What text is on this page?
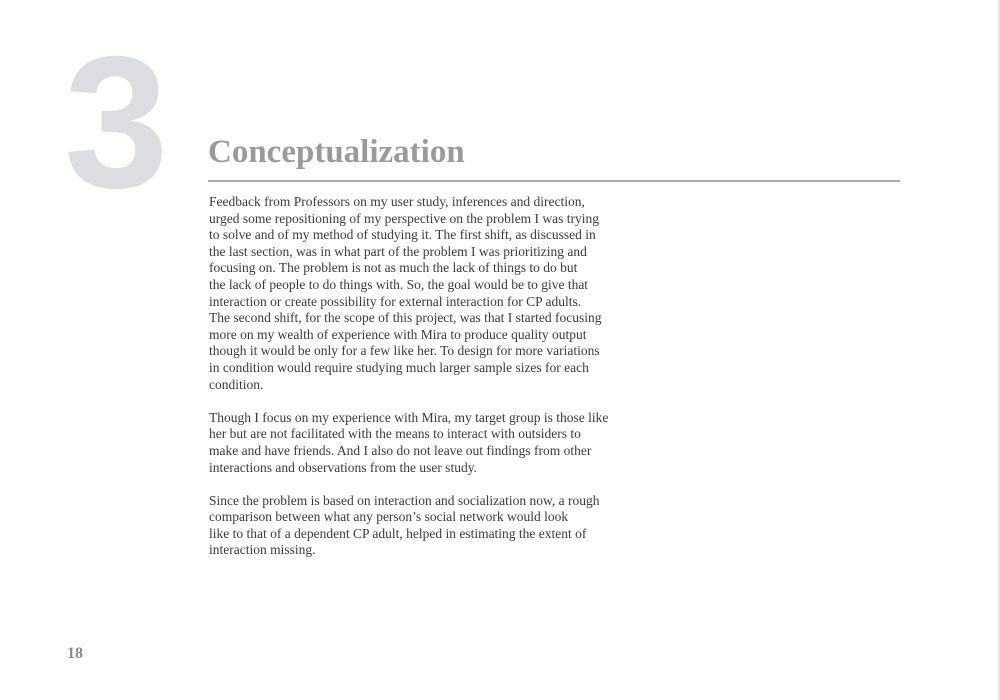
3 Conceptualization

Feedback from Professors on my user study, inferences and direction,
urged some repositioning of my perspective on the problem I was trying
to solve and of my method of studying it. The first shift, as discussed in
the last section, was in what part of the problem I was prioritizing and
focusing on. The problem is not as much the lack of things to do but
the lack of people to do things with. So, the goal would be to give that
interaction or create possibility for external interaction for CP adults.
The second shift, for the scope of this project, was that I started focusing
more on my wealth of experience with Mira to produce quality output
though it would be only for a few like her. To design for more variations
in condition would require studying much larger sample sizes for each
condition.

Though I focus on my experience with Mira, my target group is those like
her but are not facilitated with the means to interact with outsiders to
make and have friends. And I also do not leave out findings from other
interactions and observations from the user study.

Since the problem is based on interaction and socialization now, a rough
comparison between what any person’s social network would look
like to that of a dependent CP adult, helped in estimating the extent of
interaction missing.

18
